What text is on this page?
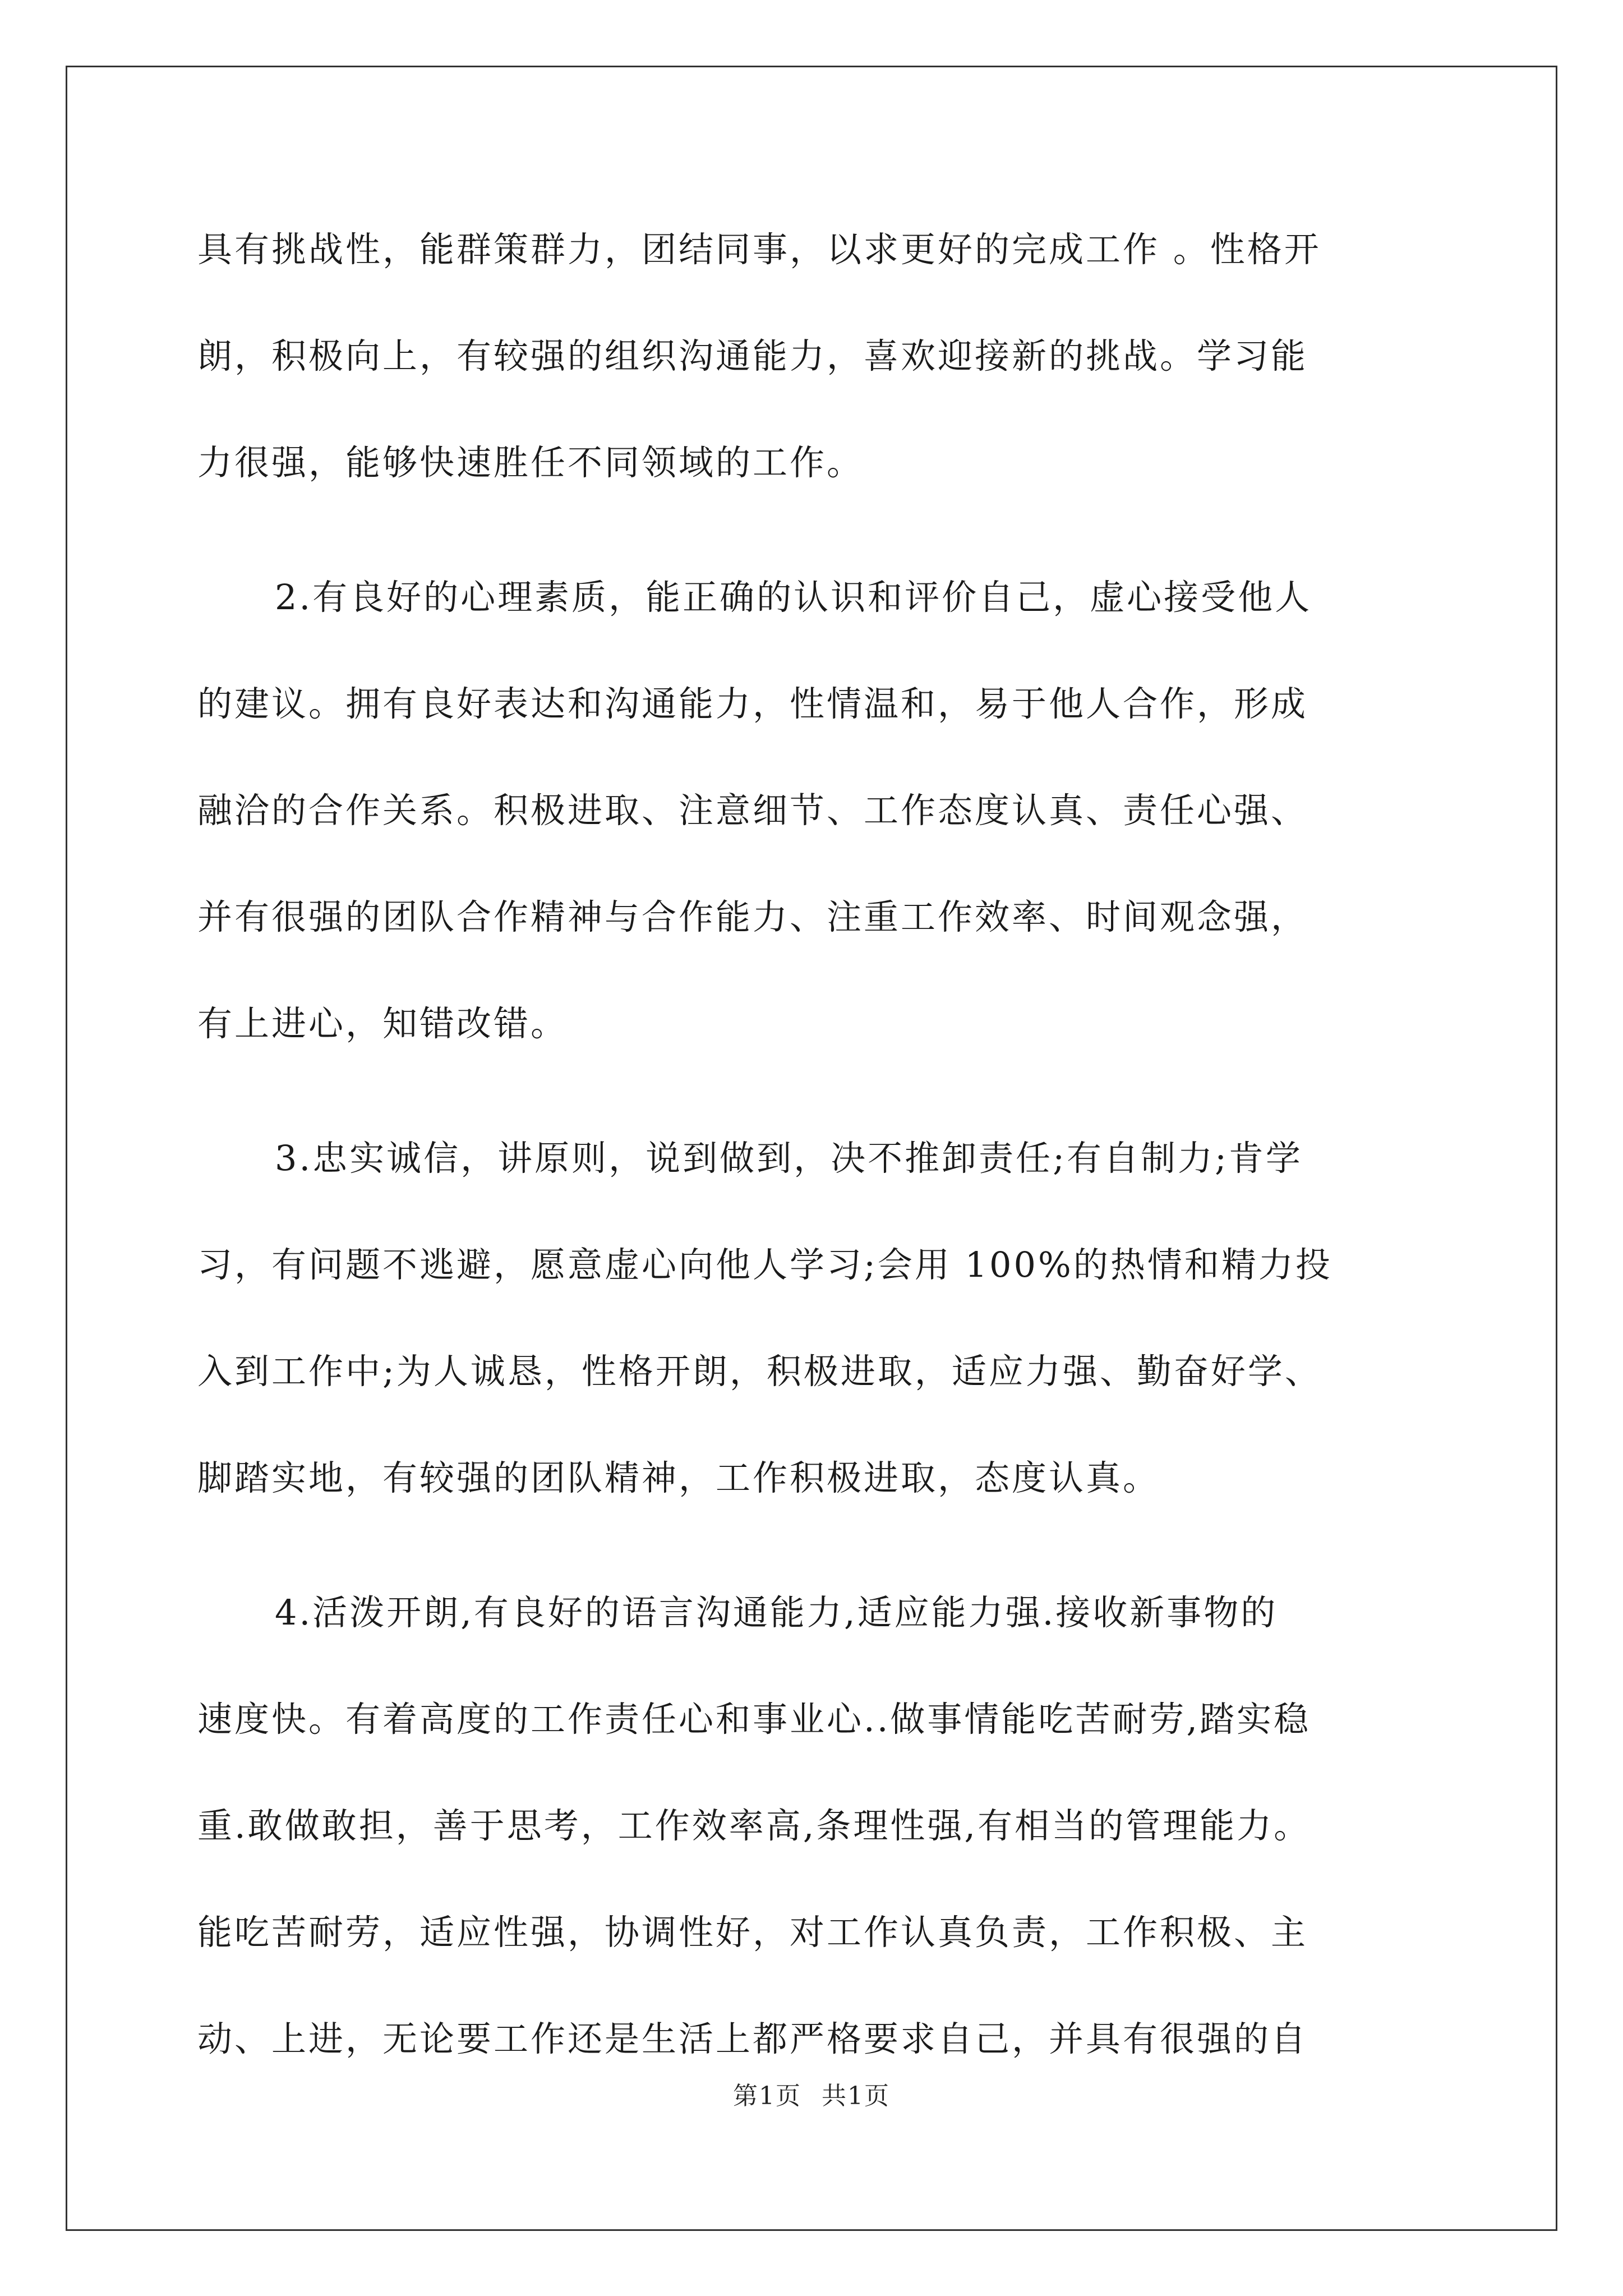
具有挑战性，能群策群力，团结同事，以求更好的完成工作 。性格开
朗，积极向上，有较强的组织沟通能力，喜欢迎接新的挑战。学习能
力很强，能够快速胜任不同领域的工作。
2.有良好的心理素质，能正确的认识和评价自己，虚心接受他人
的建议。拥有良好表达和沟通能力，性情温和，易于他人合作，形成
融洽的合作关系。积极进取、注意细节、工作态度认真、责任心强、
并有很强的团队合作精神与合作能力、注重工作效率、时间观念强，
有上进心，知错改错。
3.忠实诚信，讲原则，说到做到，决不推卸责任;有自制力;肯学
习，有问题不逃避，愿意虚心向他人学习;会用 100%的热情和精力投
入到工作中;为人诚恳，性格开朗，积极进取，适应力强、勤奋好学、
脚踏实地，有较强的团队精神，工作积极进取，态度认真。
4.活泼开朗,有良好的语言沟通能力,适应能力强.接收新事物的
速度快。有着高度的工作责任心和事业心..做事情能吃苦耐劳,踏实稳
重.敢做敢担，善于思考，工作效率高,条理性强,有相当的管理能力。
能吃苦耐劳，适应性强，协调性好，对工作认真负责，工作积极、主
动、上进，无论要工作还是生活上都严格要求自己，并具有很强的自
第1页 共1页
